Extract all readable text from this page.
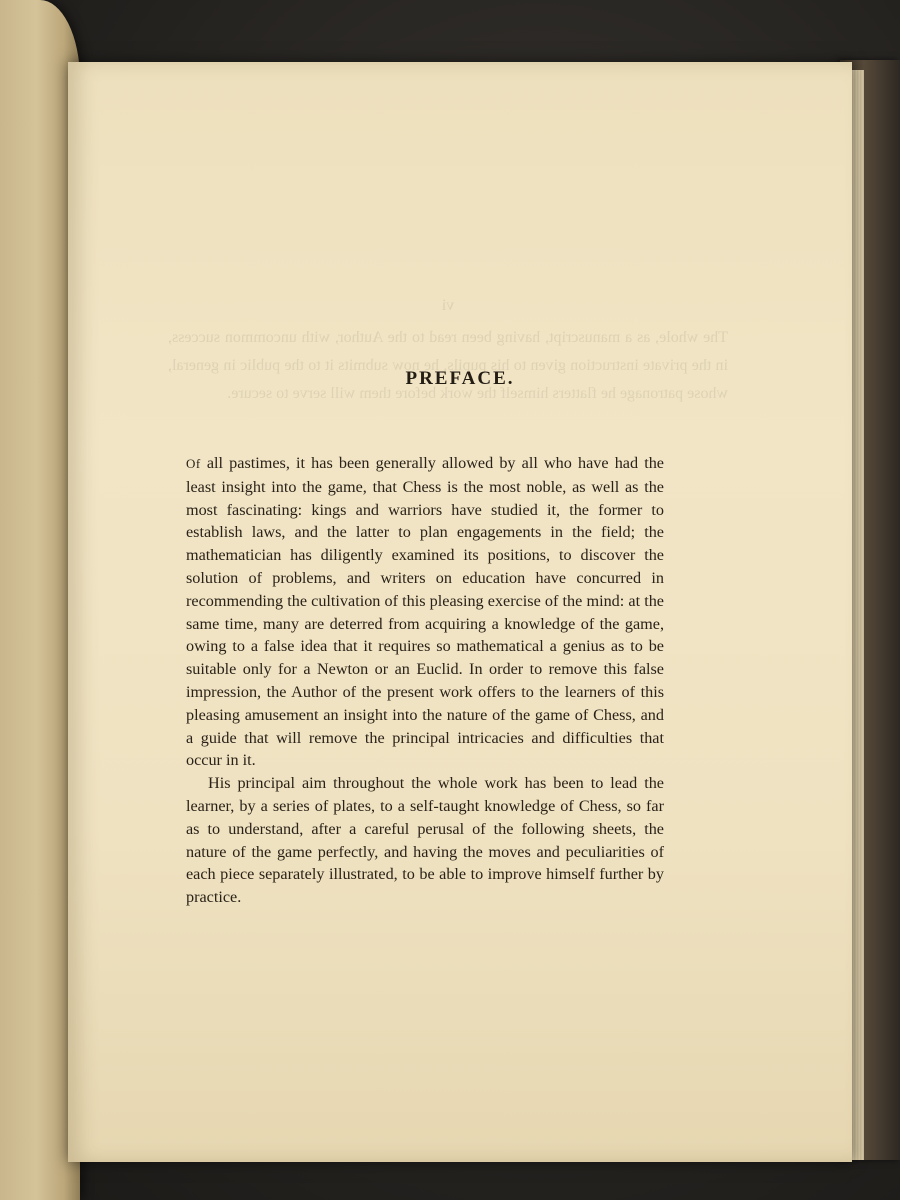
vi
The whole, as a manuscript, having been read to the Author, with uncommon success, in the private instruction given to his pupils, he now submits it to the public in general, whose patronage he flatters himself the work before them will serve to secure.
PREFACE.

Of all pastimes, it has been generally allowed by all who have had the least insight into the game, that Chess is the most noble, as well as the most fascinating: kings and warriors have studied it, the former to establish laws, and the latter to plan engagements in the field; the mathematician has diligently examined its positions, to discover the solution of problems, and writers on education have concurred in recommending the cultivation of this pleasing exercise of the mind: at the same time, many are deterred from acquiring a knowledge of the game, owing to a false idea that it requires so mathematical a genius as to be suitable only for a Newton or an Euclid. In order to remove this false impression, the Author of the present work offers to the learners of this pleasing amusement an insight into the nature of the game of Chess, and a guide that will remove the principal intricacies and difficulties that occur in it.

His principal aim throughout the whole work has been to lead the learner, by a series of plates, to a self-taught knowledge of Chess, so far as to understand, after a careful perusal of the following sheets, the nature of the game perfectly, and having the moves and peculiarities of each piece separately illustrated, to be able to improve himself further by practice.
